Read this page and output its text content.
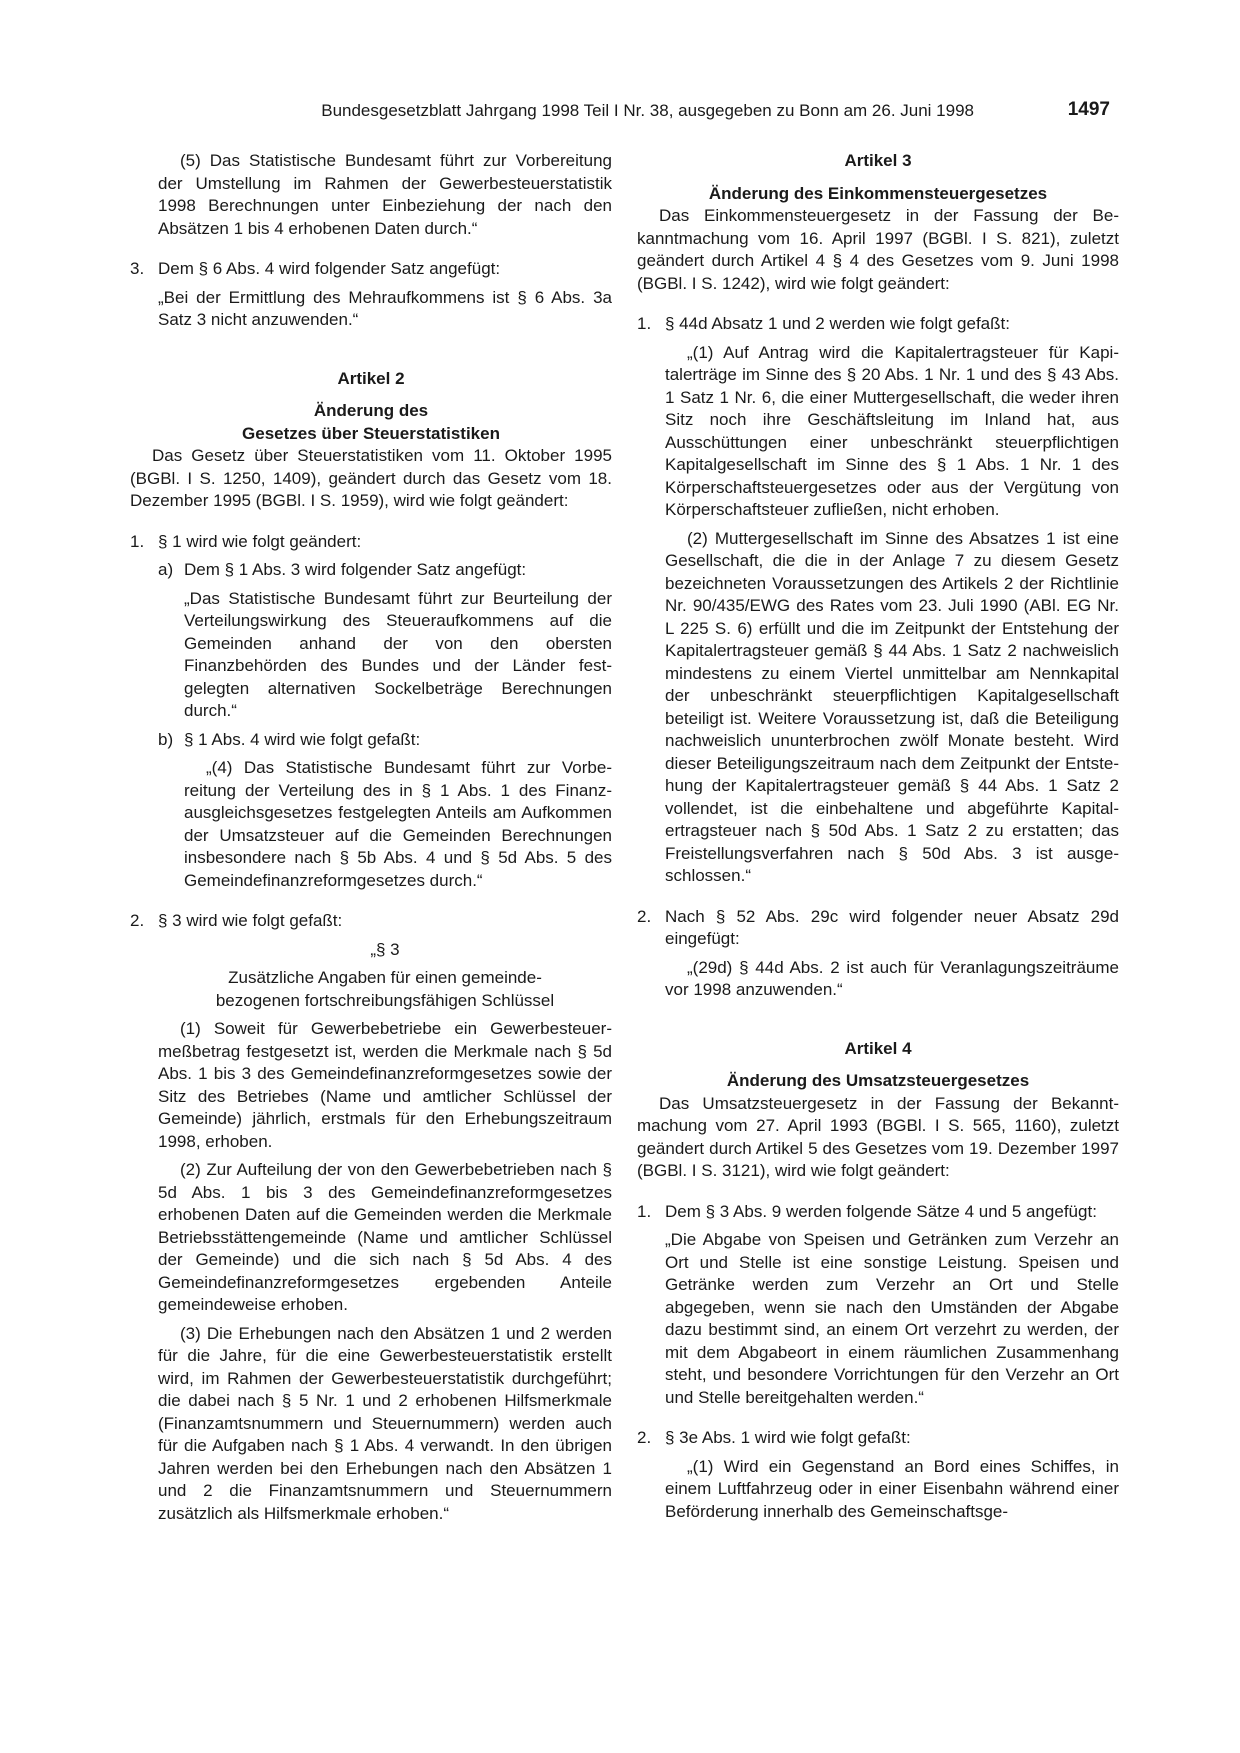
Bundesgesetzblatt Jahrgang 1998 Teil I Nr. 38, ausgegeben zu Bonn am 26. Juni 1998	1497

(5) Das Statistische Bundesamt führt zur Vorbereitung der Umstellung im Rahmen der Gewerbesteuerstatistik 1998 Berechnungen unter Einbeziehung der nach den Absätzen 1 bis 4 erhobenen Daten durch.“

3. Dem § 6 Abs. 4 wird folgender Satz angefügt:

„Bei der Ermittlung des Mehraufkommens ist § 6 Abs. 3a Satz 3 nicht anzuwenden.“

Artikel 2

Änderung des

Gesetzes über Steuerstatistiken

Das Gesetz über Steuerstatistiken vom 11. Oktober 1995 (BGBl. I S. 1250, 1409), geändert durch das Gesetz vom 18. Dezember 1995 (BGBl. I S. 1959), wird wie folgt geändert:

1. § 1 wird wie folgt geändert:

a) Dem § 1 Abs. 3 wird folgender Satz angefügt:

„Das Statistische Bundesamt führt zur Beurteilung der Verteilungswirkung des Steueraufkommens auf die Gemeinden anhand der von den obersten Finanzbehörden des Bundes und der Länder festgelegten alternativen Sockelbeträge Berechnungen durch.“

b) § 1 Abs. 4 wird wie folgt gefaßt:

„(4) Das Statistische Bundesamt führt zur Vorbereitung der Verteilung des in § 1 Abs. 1 des Finanzausgleichsgesetzes festgelegten Anteils am Aufkommen der Umsatzsteuer auf die Gemeinden Berechnungen insbesondere nach § 5b Abs. 4 und § 5d Abs. 5 des Gemeindefinanzreformgesetzes durch.“

2. § 3 wird wie folgt gefaßt:

„§ 3

Zusätzliche Angaben für einen gemeinde-

bezogenen fortschreibungsfähigen Schlüssel

(1) Soweit für Gewerbebetriebe ein Gewerbesteuermeßbetrag festgesetzt ist, werden die Merkmale nach § 5d Abs. 1 bis 3 des Gemeindefinanzreformgesetzes sowie der Sitz des Betriebes (Name und amtlicher Schlüssel der Gemeinde) jährlich, erstmals für den Erhebungszeitraum 1998, erhoben.

(2) Zur Aufteilung der von den Gewerbebetrieben nach § 5d Abs. 1 bis 3 des Gemeindefinanzreformgesetzes erhobenen Daten auf die Gemeinden werden die Merkmale Betriebsstättengemeinde (Name und amtlicher Schlüssel der Gemeinde) und die sich nach § 5d Abs. 4 des Gemeindefinanzreformgesetzes ergebenden Anteile gemeindeweise erhoben.

(3) Die Erhebungen nach den Absätzen 1 und 2 werden für die Jahre, für die eine Gewerbesteuerstatistik erstellt wird, im Rahmen der Gewerbesteuerstatistik durchgeführt; die dabei nach § 5 Nr. 1 und 2 erhobenen Hilfsmerkmale (Finanzamtsnummern und Steuernummern) werden auch für die Aufgaben nach § 1 Abs. 4 verwandt. In den übrigen Jahren werden bei den Erhebungen nach den Absätzen 1 und 2 die Finanzamtsnummern und Steuernummern zusätzlich als Hilfsmerkmale erhoben.“

Artikel 3

Änderung des Einkommensteuergesetzes

Das Einkommensteuergesetz in der Fassung der Bekanntmachung vom 16. April 1997 (BGBl. I S. 821), zuletzt geändert durch Artikel 4 § 4 des Gesetzes vom 9. Juni 1998 (BGBl. I S. 1242), wird wie folgt geändert:

1. § 44d Absatz 1 und 2 werden wie folgt gefaßt:

„(1) Auf Antrag wird die Kapitalertragsteuer für Kapitalerträge im Sinne des § 20 Abs. 1 Nr. 1 und des § 43 Abs. 1 Satz 1 Nr. 6, die einer Muttergesellschaft, die weder ihren Sitz noch ihre Geschäftsleitung im Inland hat, aus Ausschüttungen einer unbeschränkt steuerpflichtigen Kapitalgesellschaft im Sinne des § 1 Abs. 1 Nr. 1 des Körperschaftsteuergesetzes oder aus der Vergütung von Körperschaftsteuer zufließen, nicht erhoben.

(2) Muttergesellschaft im Sinne des Absatzes 1 ist eine Gesellschaft, die die in der Anlage 7 zu diesem Gesetz bezeichneten Voraussetzungen des Artikels 2 der Richtlinie Nr. 90/435/EWG des Rates vom 23. Juli 1990 (ABl. EG Nr. L 225 S. 6) erfüllt und die im Zeitpunkt der Entstehung der Kapitalertragsteuer gemäß § 44 Abs. 1 Satz 2 nachweislich mindestens zu einem Viertel unmittelbar am Nennkapital der unbeschränkt steuerpflichtigen Kapitalgesellschaft beteiligt ist. Weitere Voraussetzung ist, daß die Beteiligung nachweislich ununterbrochen zwölf Monate besteht. Wird dieser Beteiligungszeitraum nach dem Zeitpunkt der Entstehung der Kapitalertragsteuer gemäß § 44 Abs. 1 Satz 2 vollendet, ist die einbehaltene und abgeführte Kapitalertragsteuer nach § 50d Abs. 1 Satz 2 zu erstatten; das Freistellungsverfahren nach § 50d Abs. 3 ist ausgeschlossen.“

2. Nach § 52 Abs. 29c wird folgender neuer Absatz 29d eingefügt:

„(29d) § 44d Abs. 2 ist auch für Veranlagungszeiträume vor 1998 anzuwenden.“

Artikel 4

Änderung des Umsatzsteuergesetzes

Das Umsatzsteuergesetz in der Fassung der Bekanntmachung vom 27. April 1993 (BGBl. I S. 565, 1160), zuletzt geändert durch Artikel 5 des Gesetzes vom 19. Dezember 1997 (BGBl. I S. 3121), wird wie folgt geändert:

1. Dem § 3 Abs. 9 werden folgende Sätze 4 und 5 angefügt:

„Die Abgabe von Speisen und Getränken zum Verzehr an Ort und Stelle ist eine sonstige Leistung. Speisen und Getränke werden zum Verzehr an Ort und Stelle abgegeben, wenn sie nach den Umständen der Abgabe dazu bestimmt sind, an einem Ort verzehrt zu werden, der mit dem Abgabeort in einem räumlichen Zusammenhang steht, und besondere Vorrichtungen für den Verzehr an Ort und Stelle bereitgehalten werden.“

2. § 3e Abs. 1 wird wie folgt gefaßt:

„(1) Wird ein Gegenstand an Bord eines Schiffes, in einem Luftfahrzeug oder in einer Eisenbahn während einer Beförderung innerhalb des Gemeinschaftsge-
